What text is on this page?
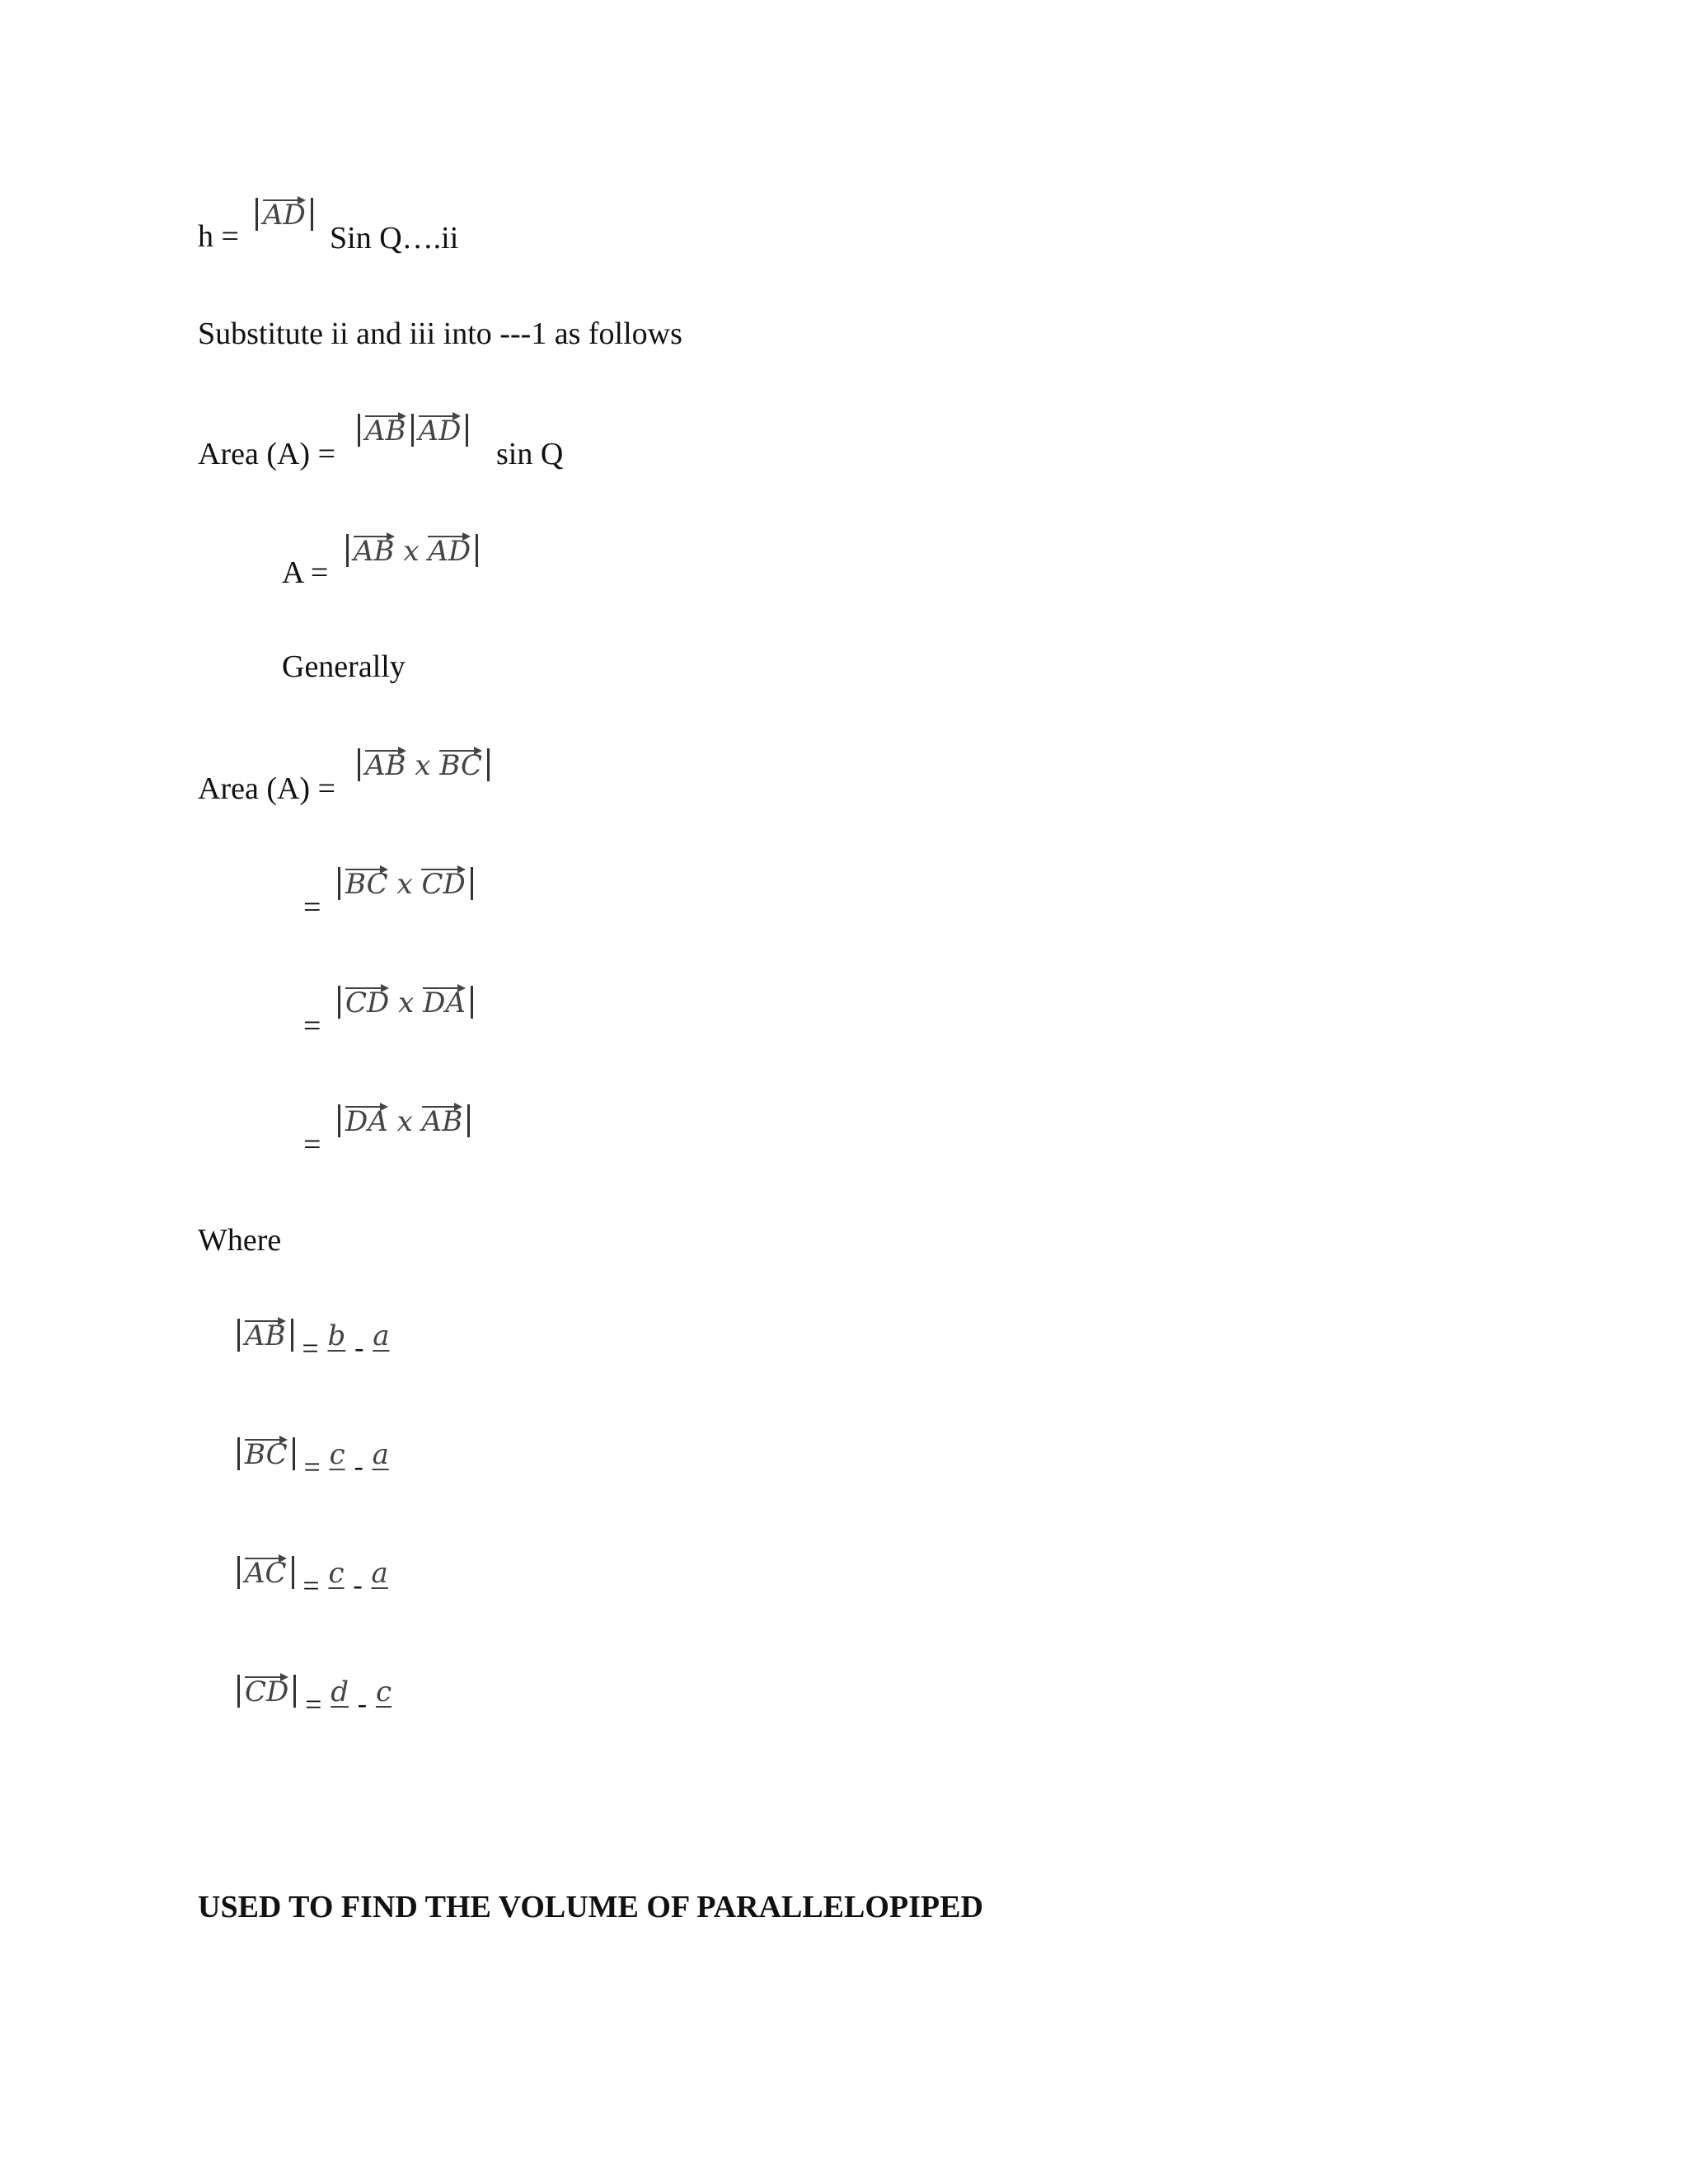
h =
AD
Sin Q….ii
Substitute ii and iii into ---1 as follows
Area (A) =
AB AD
sin Q
A =
AB x AD
Generally
Area (A) =
AB x BC
=
BC x CD
=
CD x DA
=
DA x AB
Where
AB = b - a
BC = c - a
AC = c - a
CD = d - c
USED TO FIND THE VOLUME OF PARALLELOPIPED
